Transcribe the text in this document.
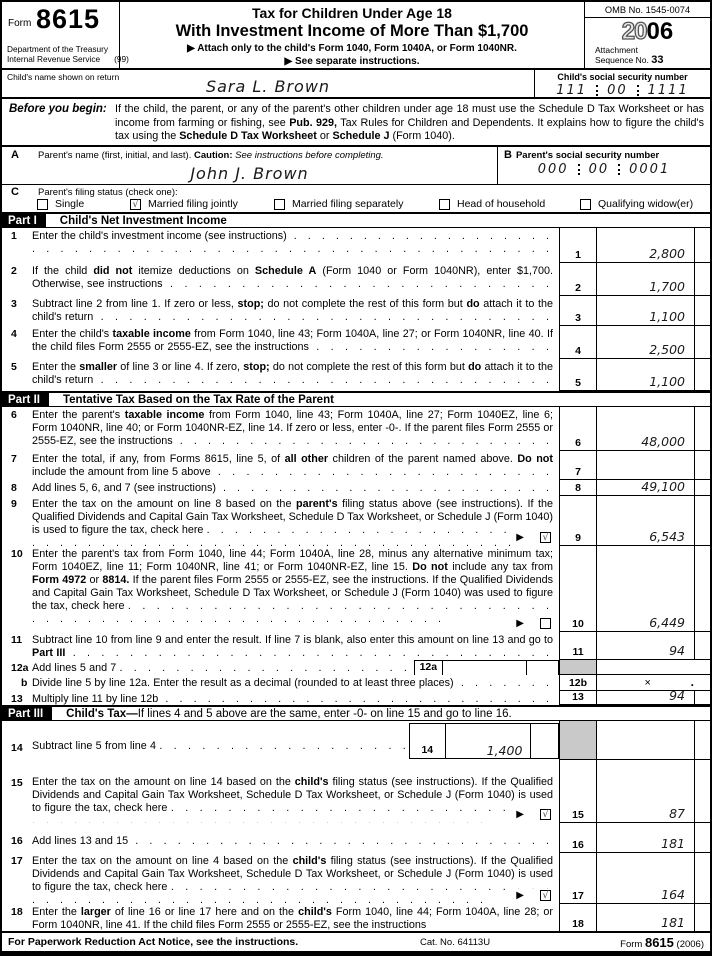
Form 8615
Department of the Treasury
Internal Revenue Service (99)
Tax for Children Under Age 18
With Investment Income of More Than $1,700
▶ Attach only to the child's Form 1040, Form 1040A, or Form 1040NR.
▶ See separate instructions.
OMB No. 1545-0074
2006
Attachment
Sequence No. 33
Child's name shown on return	Sara L. Brown	Child's social security number
111 00 1111
Before you begin: If the child, the parent, or any of the parent's other children under age 18 must use the Schedule D Tax Worksheet or has income from farming or fishing, see Pub. 929, Tax Rules for Children and Dependents. It explains how to figure the child's tax using the Schedule D Tax Worksheet or Schedule J (Form 1040).
A Parent's name (first, initial, and last). Caution: See instructions before completing.
John J. Brown
B Parent's social security number
000 00 0001
C Parent's filing status (check one):
Single	√ Married filing jointly	Married filing separately	Head of household	Qualifying widow(er)
Part I	Child's Net Investment Income
1	Enter the child's investment income (see instructions) . .
1	2,800
2	If the child did not itemize deductions on Schedule A (Form 1040 or Form 1040NR), enter $1,700. Otherwise, see instructions . .	2	1,700
3	Subtract line 2 from line 1. If zero or less, stop; do not complete the rest of this form but do attach it to the child's return . .	3	1,100
4	Enter the child's taxable income from Form 1040, line 43; Form 1040A, line 27; or Form 1040NR, line 40. If the child files Form 2555 or 2555-EZ, see the instructions . .	4	2,500
5	Enter the smaller of line 3 or line 4. If zero, stop; do not complete the rest of this form but do attach it to the child's return . .	5	1,100
Part II	Tentative Tax Based on the Tax Rate of the Parent
6	Enter the parent's taxable income from Form 1040, line 43; Form 1040A, line 27; Form 1040EZ, line 6; Form 1040NR, line 40; or Form 1040NR-EZ, line 14. If zero or less, enter -0-. If the parent files Form 2555 or 2555-EZ, see the instructions . .	6	48,000
7	Enter the total, if any, from Forms 8615, line 5, of all other children of the parent named above. Do not include the amount from line 5 above . .	7
8	Add lines 5, 6, and 7 (see instructions) . .	8	49,100
9	Enter the tax on the amount on line 8 based on the parent's filing status above (see instructions). If the Qualified Dividends and Capital Gain Tax Worksheet, Schedule D Tax Worksheet, or Schedule J (Form 1040) is used to figure the tax, check here
▶ √
. .	9	6,543
10 Enter the parent's tax from Form 1040, line 44; Form 1040A, line 28, minus any alternative minimum tax; Form 1040EZ, line 11; Form 1040NR, line 41; or Form 1040NR-EZ, line 15. Do not include any tax from Form 4972 or 8814. If the parent files Form 2555 or 2555-EZ, see the instructions. If the Qualified Dividends and Capital Gain Tax Worksheet, Schedule D Tax Worksheet, or Schedule J (Form 1040) was used to figure the tax, check here
▶
. .	10	6,449
11 Subtract line 10 from line 9 and enter the result. If line 7 is blank, also enter this amount on line 13 and go to Part III . .	11	94
12a Add lines 5 and 7	12a
. .
b Divide line 5 by line 12a. Enter the result as a decimal (rounded to at least three places) . .	12b	×	.
13 Multiply line 11 by line 12b . .	13	94
Part III	Child's Tax—If lines 4 and 5 above are the same, enter -0- on line 15 and go to line 16.
14 Subtract line 5 from line 4	14	1,400
. .
15 Enter the tax on the amount on line 14 based on the child's filing status (see instructions). If the Qualified Dividends and Capital Gain Tax Worksheet, Schedule D Tax Worksheet, or Schedule J (Form 1040) is used to figure the tax, check here
▶ √
. .	15	87
16 Add lines 13 and 15 . .	16	181
17 Enter the tax on the amount on line 4 based on the child's filing status (see instructions). If the Qualified Dividends and Capital Gain Tax Worksheet, Schedule D Tax Worksheet, or Schedule J (Form 1040) is used to figure the tax, check here
▶ √
. .	17	164
18 Enter the larger of line 16 or line 17 here and on the child's Form 1040, line 44; Form 1040A, line 28; or Form 1040NR, line 41. If the child files Form 2555 or 2555-EZ, see the instructions	18	181
For Paperwork Reduction Act Notice, see the instructions.	Cat. No. 64113U	Form 8615 (2006)
